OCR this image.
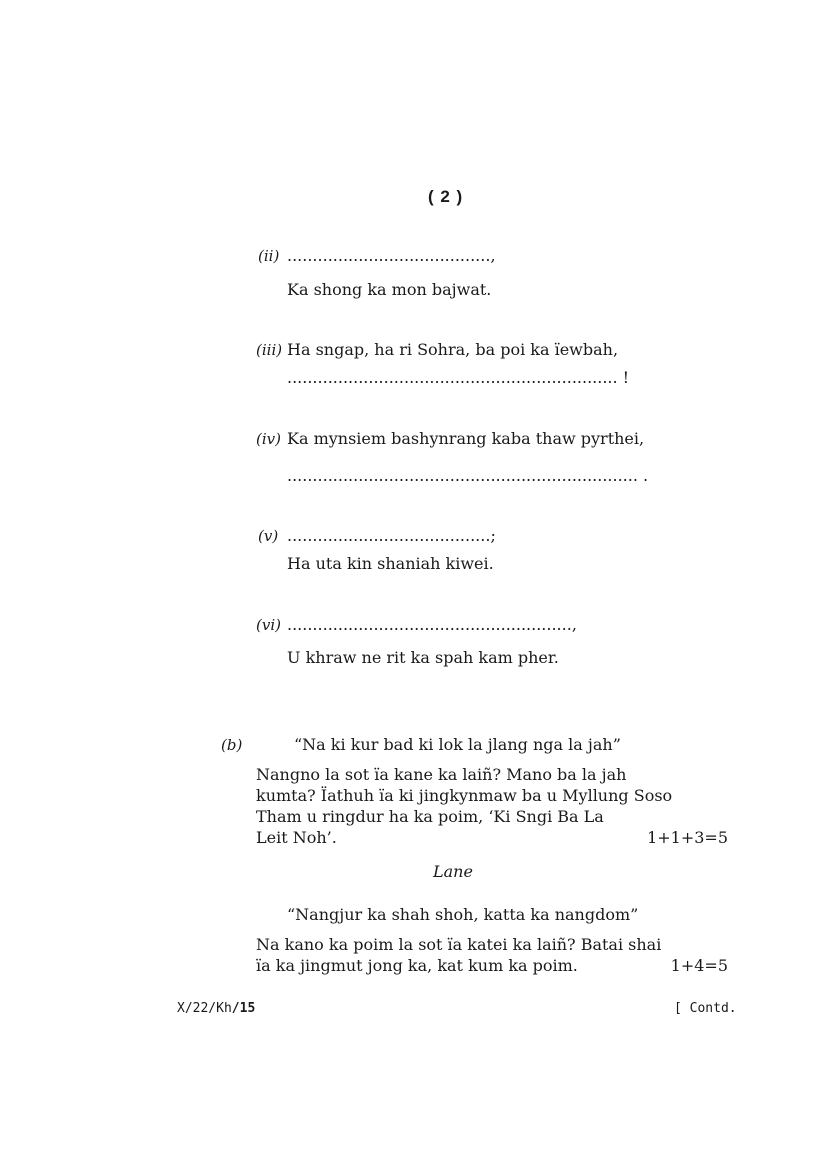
( 2 )
(ii) ........................................,
Ka shong ka mon bajwat.
(iii) Ha sngap, ha ri Sohra, ba poi ka ïewbah,
................................................................. !
(iv) Ka mynsiem bashynrang kaba thaw pyrthei,
..................................................................... .
(v) ........................................;
Ha uta kin shaniah kiwei.
(vi) ........................................................,
U khraw ne rit ka spah kam pher.
(b)	“Na ki kur bad ki lok la jlang nga la jah”
Nangno la sot ïa kane ka laiñ? Mano ba la jah
kumta? Ïathuh ïa ki jingkynmaw ba u Myllung Soso
Tham u ringdur ha ka poim, ‘Ki Sngi Ba La
Leit Noh’.	1+1+3=5
Lane
“Nangjur ka shah shoh, katta ka nangdom”
Na kano ka poim la sot ïa katei ka laiñ? Batai shai
ïa ka jingmut jong ka, kat kum ka poim.	1+4=5
X/22/Kh/15	[ Contd.
